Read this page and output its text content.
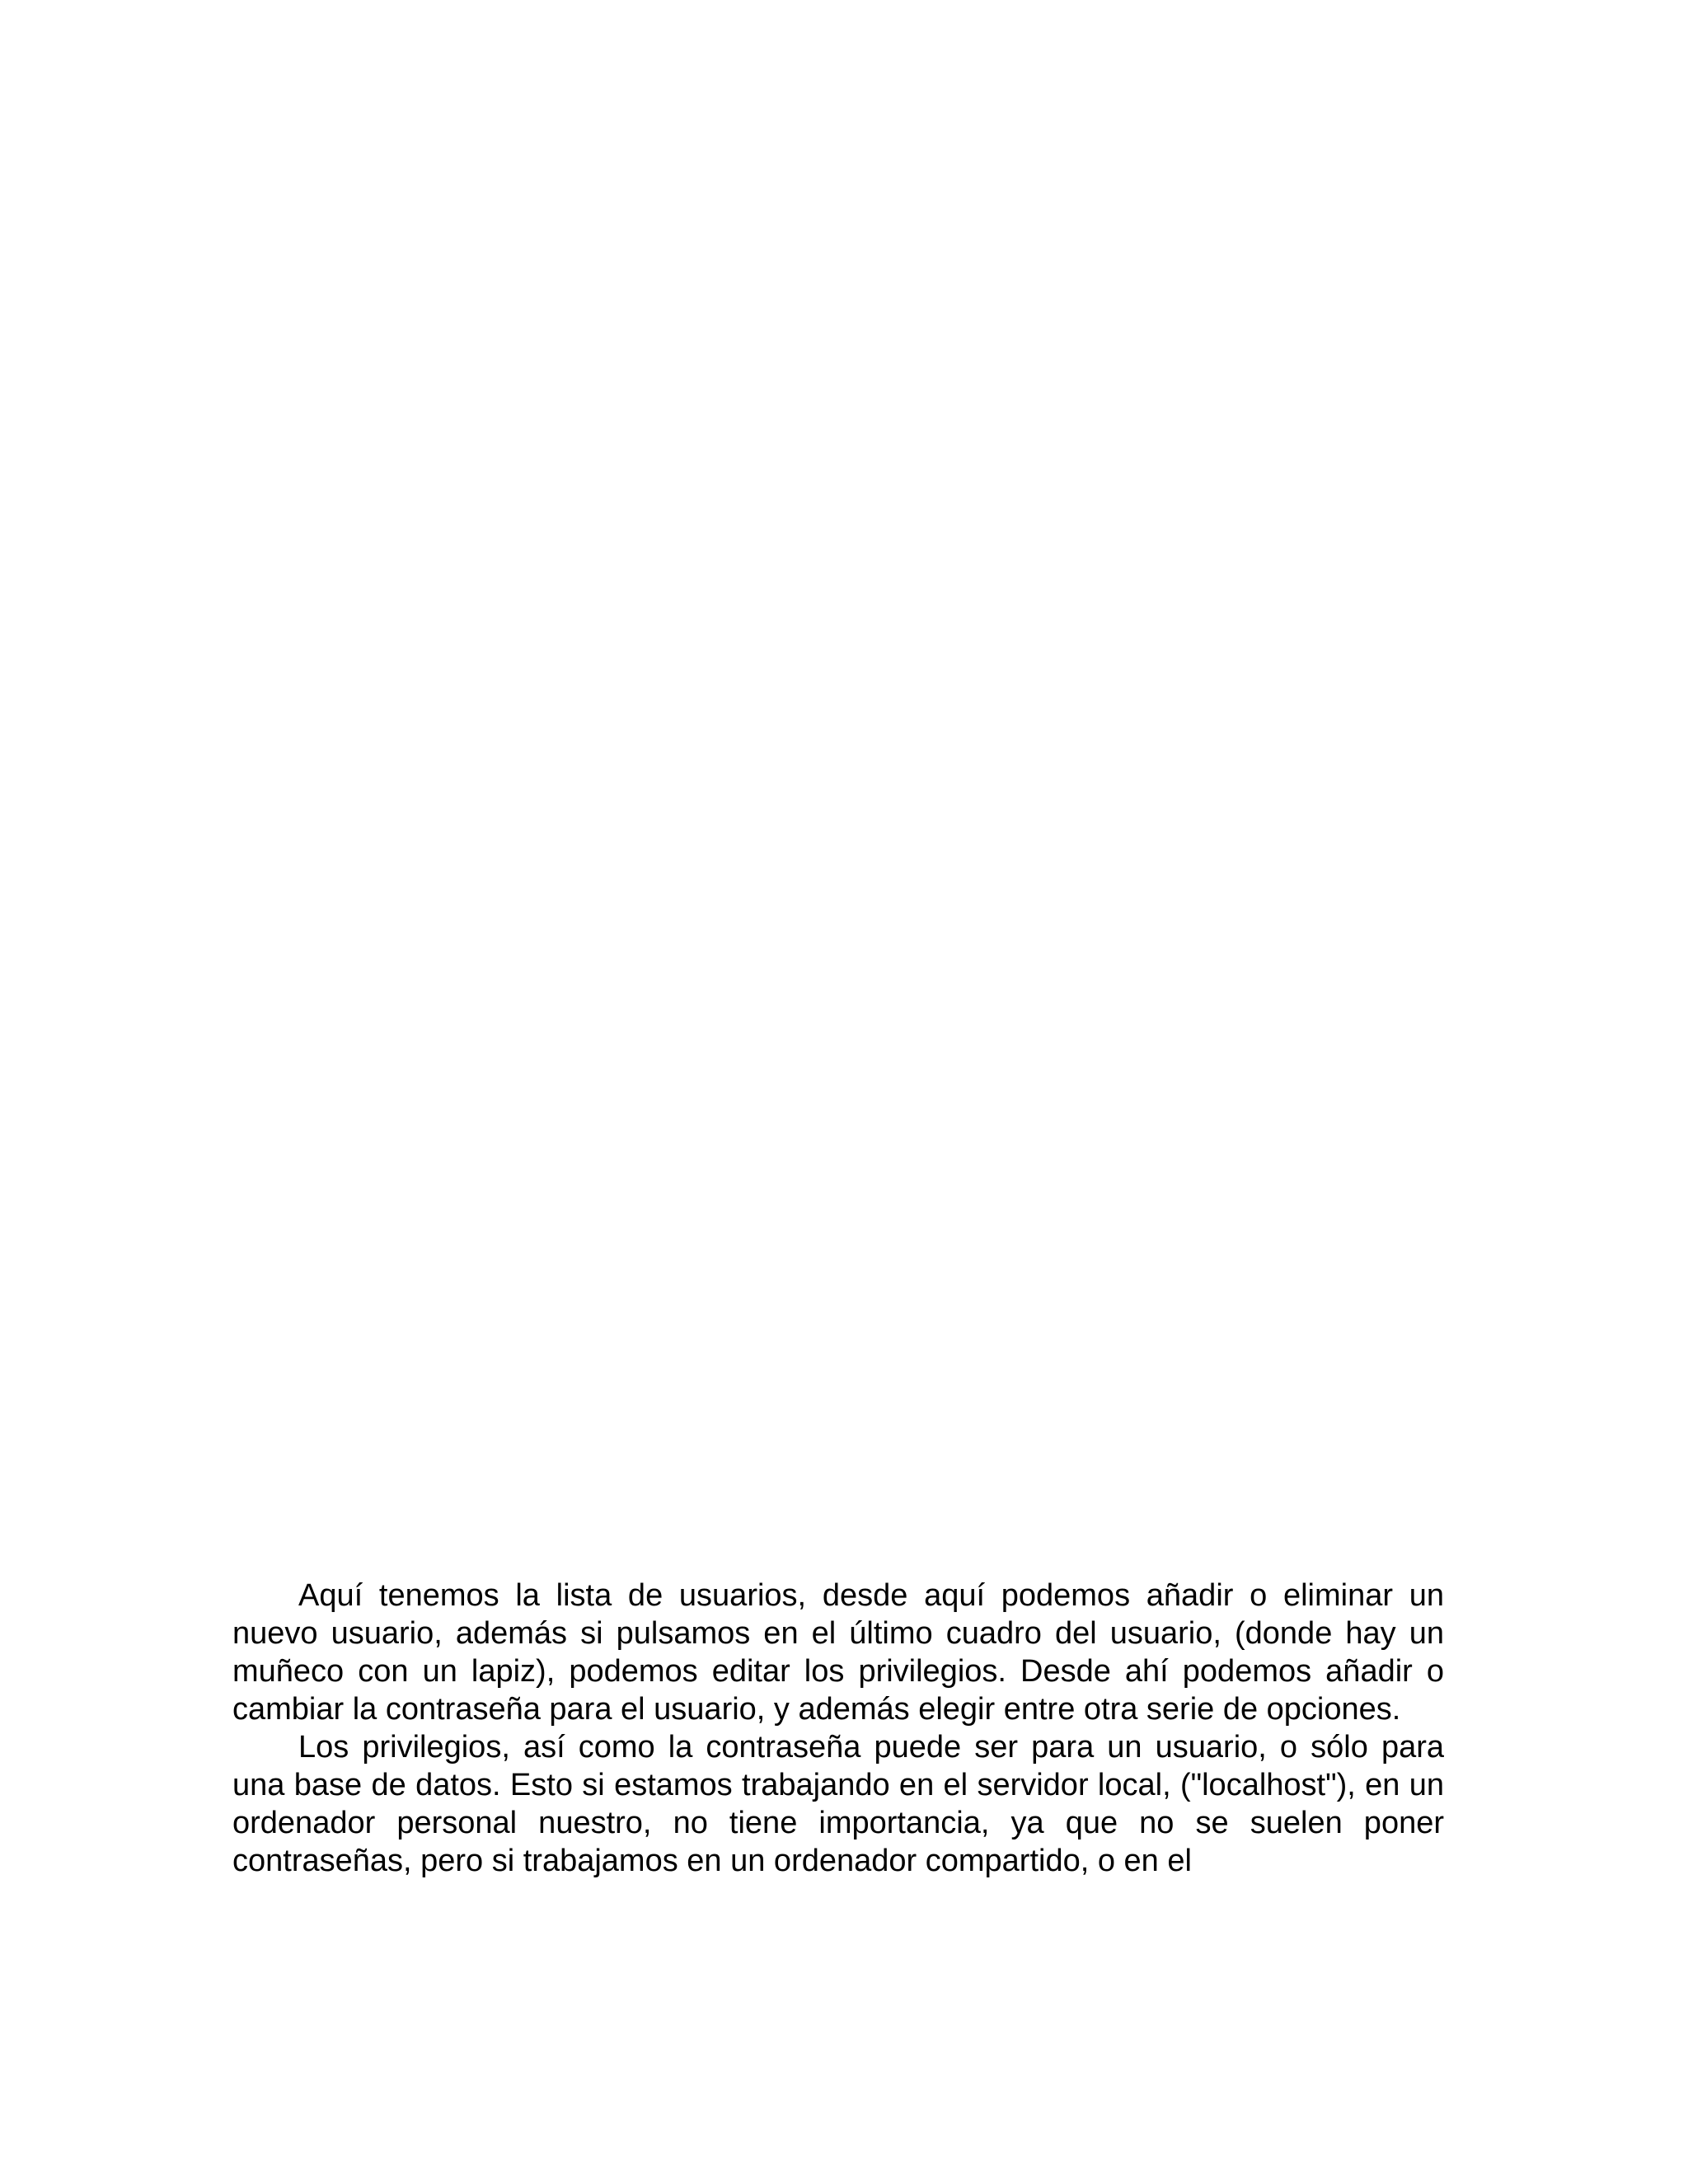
Aquí tenemos la lista de usuarios, desde aquí podemos añadir o eliminar un nuevo usuario, además si pulsamos en el último cuadro del usuario, (donde hay un muñeco con un lapiz), podemos editar los privilegios. Desde ahí podemos añadir o cambiar la contraseña para el usuario, y además elegir entre otra serie de opciones.

Los privilegios, así como la contraseña puede ser para un usuario, o sólo para una base de datos. Esto si estamos trabajando en el servidor local, ("localhost"), en un ordenador personal nuestro, no tiene importancia, ya que no se suelen poner contraseñas, pero si trabajamos en un ordenador compartido, o en el
